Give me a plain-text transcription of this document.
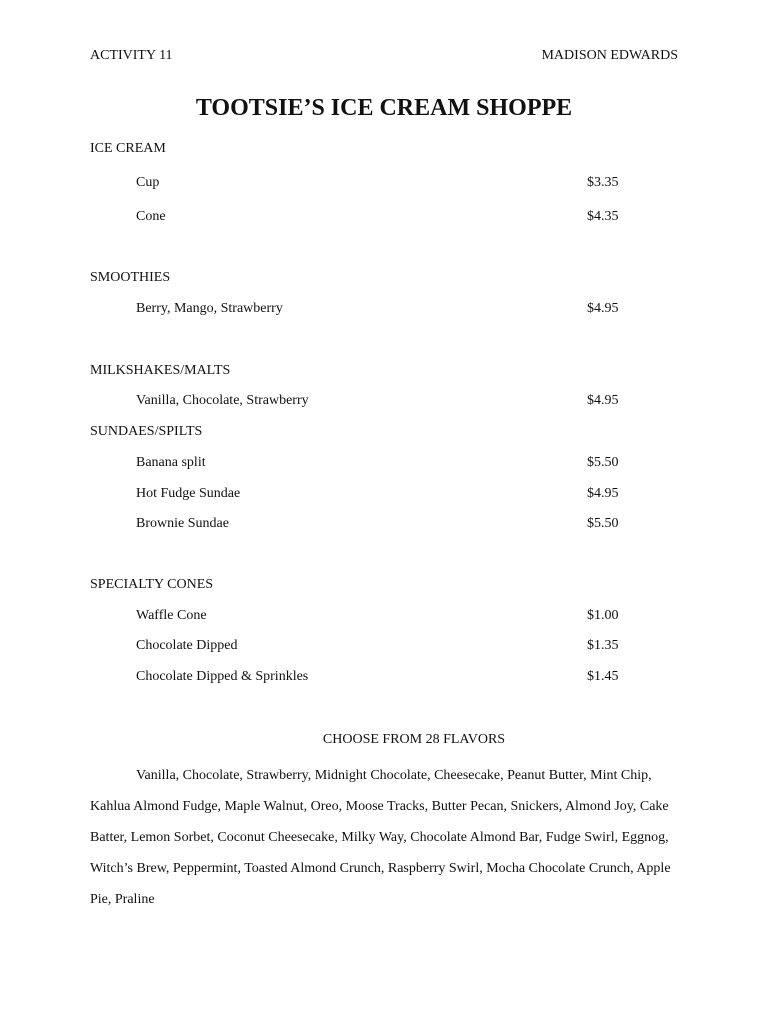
ACTIVITY 11	MADISON EDWARDS
TOOTSIE’S ICE CREAM SHOPPE
ICE CREAM
Cup	$3.35
Cone	$4.35
SMOOTHIES
Berry, Mango, Strawberry	$4.95
MILKSHAKES/MALTS
Vanilla, Chocolate, Strawberry	$4.95
SUNDAES/SPILTS
Banana split	$5.50
Hot Fudge Sundae	$4.95
Brownie Sundae	$5.50
SPECIALTY CONES
Waffle Cone	$1.00
Chocolate Dipped	$1.35
Chocolate Dipped & Sprinkles	$1.45
CHOOSE FROM 28 FLAVORS
Vanilla, Chocolate, Strawberry, Midnight Chocolate, Cheesecake, Peanut Butter, Mint Chip, Kahlua Almond Fudge, Maple Walnut, Oreo, Moose Tracks, Butter Pecan, Snickers, Almond Joy, Cake Batter, Lemon Sorbet, Coconut Cheesecake, Milky Way, Chocolate Almond Bar, Fudge Swirl, Eggnog, Witch’s Brew, Peppermint, Toasted Almond Crunch, Raspberry Swirl, Mocha Chocolate Crunch, Apple Pie, Praline
